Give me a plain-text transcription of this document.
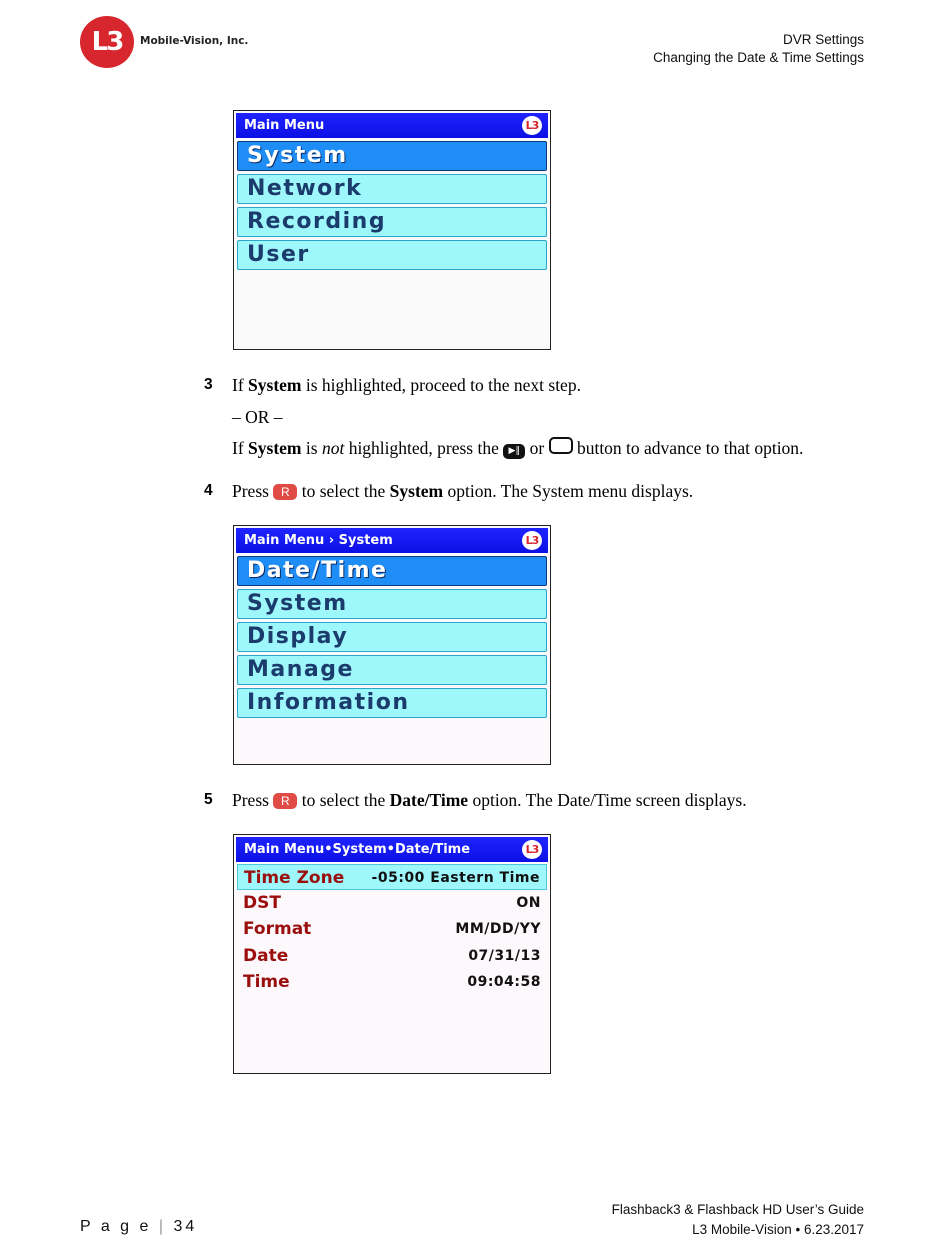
L3	Mobile-Vision, Inc.	DVR Settings
Changing the Date & Time Settings
Main Menu	L3
System
Network
Recording
User
3 If System is highlighted, proceed to the next step.
– OR –
If System is not highlighted, press the ▶‖ or  button to advance to that option.
4 Press R to select the System option. The System menu displays.
Main Menu › System	L3
Date/Time
System
Display
Manage
Information
5 Press R to select the Date/Time option. The Date/Time screen displays.
Main Menu•System•Date/Time	L3
Time Zone -05:00 Eastern Time
DST	ON
Format	MM/DD/YY
Date	07/31/13
Time	09:04:58
P a g e | 34
Flashback3 & Flashback HD User’s Guide
L3 Mobile-Vision • 6.23.2017
